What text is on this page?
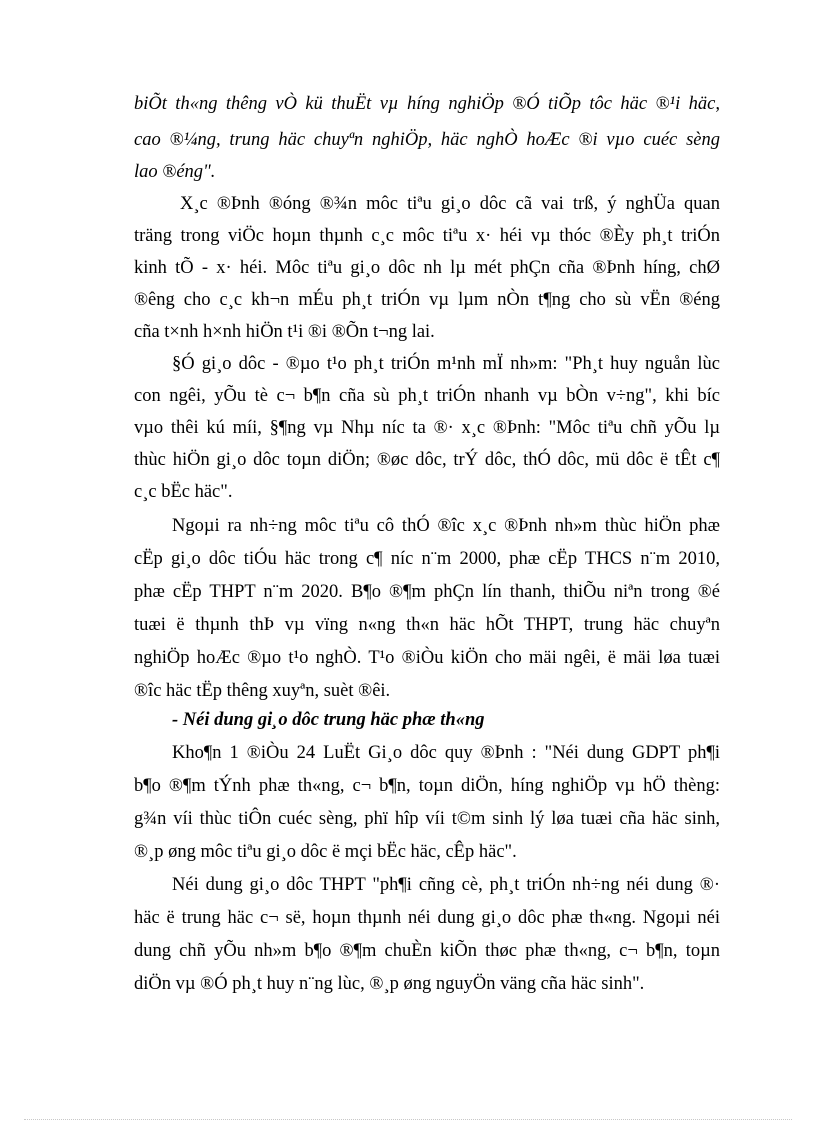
biÕt th«ng thêng vÒ kü thuËt vµ híng nghiÖp ®Ó tiÕp tôc häc ®¹i häc,
cao ®¼ng, trung häc chuyªn nghiÖp, häc nghÒ hoÆc ®i vµo cuéc sèng
lao ®éng".
X¸c ®Þnh ®óng ®¾n môc tiªu gi¸o dôc cã vai trß, ý nghÜa quan
träng trong viÖc hoµn thµnh c¸c môc tiªu x· héi vµ thóc ®Èy ph¸t triÓn
kinh tÕ - x· héi. Môc tiªu gi¸o dôc nh lµ mét phÇn cña ®Þnh híng, chØ
®êng cho c¸c kh¬n mÉu ph¸t triÓn vµ lµm nÒn t¶ng cho sù vËn ®éng
cña t×nh h×nh hiÖn t¹i ®i ®Õn t¬ng lai.
§Ó gi¸o dôc - ®µo t¹o ph¸t triÓn m¹nh mÏ nh»m: "Ph¸t huy nguån lùc
con ngêi, yÕu tè c¬ b¶n cña sù ph¸t triÓn nhanh vµ bÒn v÷ng", khi bíc
vµo thêi kú míi, §¶ng vµ Nhµ níc ta ®· x¸c ®Þnh: "Môc tiªu chñ yÕu lµ
thùc hiÖn gi¸o dôc toµn diÖn; ®øc dôc, trÝ dôc, thÓ dôc, mü dôc ë tÊt c¶
c¸c bËc häc".
Ngoµi ra nh÷ng môc tiªu cô thÓ ®îc x¸c ®Þnh nh»m thùc hiÖn phæ
cËp gi¸o dôc tiÓu häc trong c¶ níc n¨m 2000, phæ cËp THCS n¨m 2010,
phæ cËp THPT n¨m 2020. B¶o ®¶m phÇn lín thanh, thiÕu niªn trong ®é
tuæi ë thµnh thÞ vµ vïng n«ng th«n häc hÕt THPT, trung häc chuyªn
nghiÖp hoÆc ®µo t¹o nghÒ. T¹o ®iÒu kiÖn cho mäi ngêi, ë mäi løa tuæi
®îc häc tËp thêng xuyªn, suèt ®êi.
- Néi dung gi¸o dôc trung häc phæ th«ng
Kho¶n 1 ®iÒu 24 LuËt Gi¸o dôc quy ®Þnh : "Néi dung GDPT ph¶i
b¶o ®¶m tÝnh phæ th«ng, c¬ b¶n, toµn diÖn, híng nghiÖp vµ hÖ thèng:
g¾n víi thùc tiÔn cuéc sèng, phï hîp víi t©m sinh lý løa tuæi cña häc sinh,
®¸p øng môc tiªu gi¸o dôc ë mçi bËc häc, cÊp häc".
Néi dung gi¸o dôc THPT "ph¶i cñng cè, ph¸t triÓn nh÷ng néi dung ®·
häc ë trung häc c¬ së, hoµn thµnh néi dung gi¸o dôc phæ th«ng. Ngoµi néi
dung chñ yÕu nh»m b¶o ®¶m chuÈn kiÕn thøc phæ th«ng, c¬ b¶n, toµn
diÖn vµ ®Ó ph¸t huy n¨ng lùc, ®¸p øng nguyÖn väng cña häc sinh".
